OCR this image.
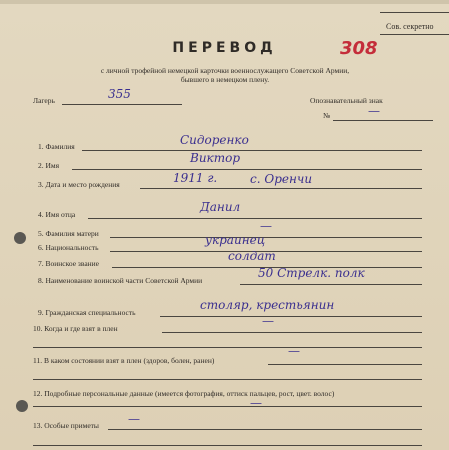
Сов. секретно
ПЕРЕВОД	308
с личной трофейной немецкой карточки военнослужащего Советской Армии,
бывшего в немецком плену.
Лагерь	355	Опознавательный знак
№	—
1. Фамилия	Сидоренко
2. Имя
Виктор
3. Дата и место рождения	1911 г.	с. Оренчи
4. Имя отца
Данил
5. Фамилия матери
—
6. Национальность
украинец
7. Воинское звание
солдат
8. Наименование воинской части Советской Армии
50 Стрелк. полк
9. Гражданская специальность
столяр, крестьянин
10. Когда и где взят в плен
—
11. В каком состоянии взят в плен (здоров, болен, ранен)
—
12. Подробные персональные данные (имеется фотография, оттиск пальцев, рост, цвет. волос)
—
13. Особые приметы —
